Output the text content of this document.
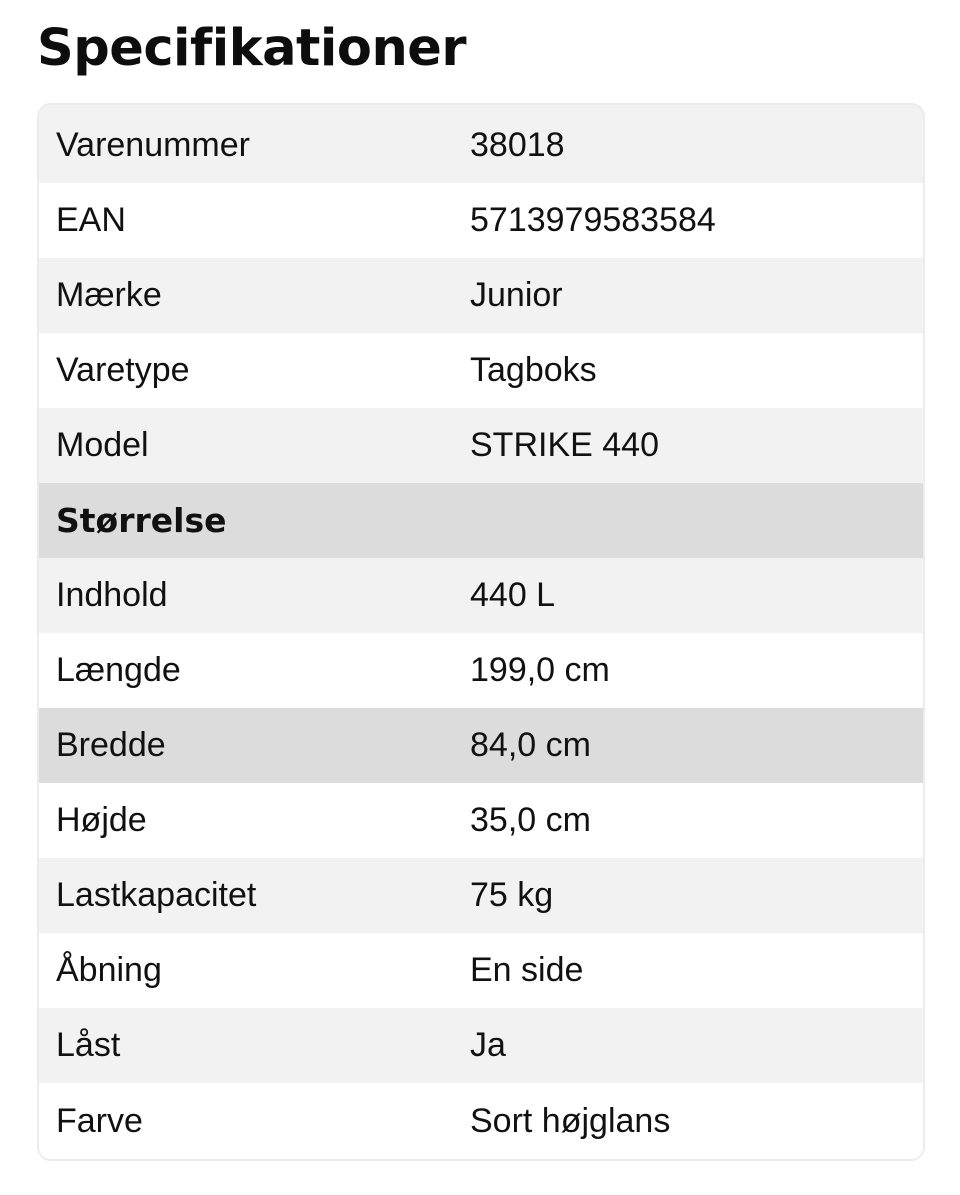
Specifikationer
Varenummer	38018
EAN	5713979583584
Mærke	Junior
Varetype	Tagboks
Model	STRIKE 440
Størrelse
Indhold	440 L
Længde	199,0 cm
Bredde	84,0 cm
Højde	35,0 cm
Lastkapacitet	75 kg
Åbning	En side
Låst	Ja
Farve	Sort højglans
